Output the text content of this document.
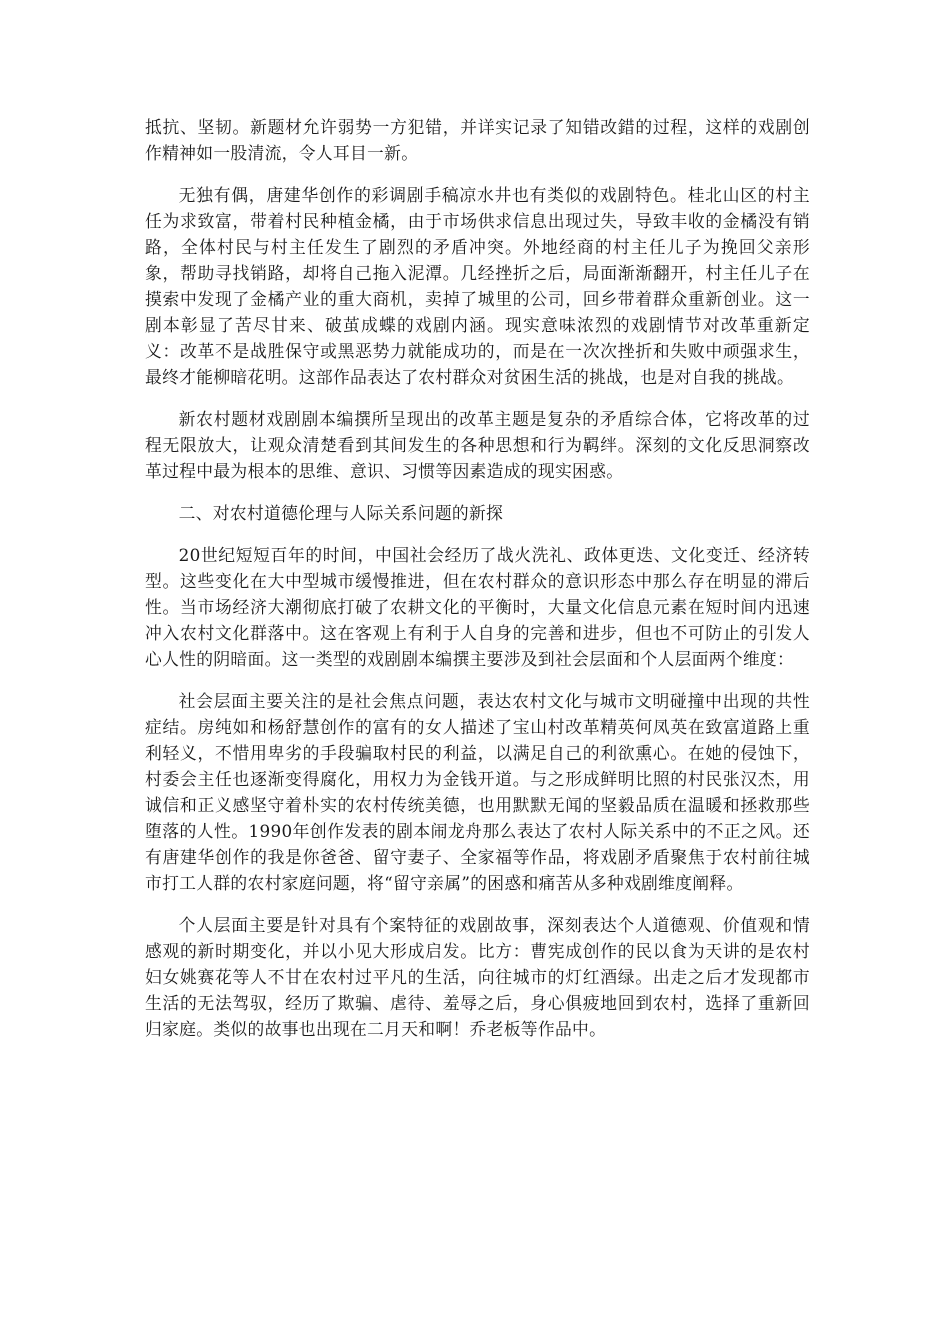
抵抗、坚韧。新题材允许弱势一方犯错，并详实记录了知错改錯的过程，这样的戏剧创作精神如一股清流，令人耳目一新。

无独有偶，唐建华创作的彩调剧手稿凉水井也有类似的戏剧特色。桂北山区的村主任为求致富，带着村民种植金橘，由于市场供求信息出现过失，导致丰收的金橘没有销路，全体村民与村主任发生了剧烈的矛盾冲突。外地经商的村主任儿子为挽回父亲形象，帮助寻找销路，却将自己拖入泥潭。几经挫折之后，局面渐渐翻开，村主任儿子在摸索中发现了金橘产业的重大商机，卖掉了城里的公司，回乡带着群众重新创业。这一剧本彰显了苦尽甘来、破茧成蝶的戏剧内涵。现实意味浓烈的戏剧情节对改革重新定义：改革不是战胜保守或黑恶势力就能成功的，而是在一次次挫折和失败中顽强求生，最终才能柳暗花明。这部作品表达了农村群众对贫困生活的挑战，也是对自我的挑战。

新农村题材戏剧剧本编撰所呈现出的改革主题是复杂的矛盾综合体，它将改革的过程无限放大，让观众清楚看到其间发生的各种思想和行为羁绊。深刻的文化反思洞察改革过程中最为根本的思维、意识、习惯等因素造成的现实困惑。

二、对农村道德伦理与人际关系问题的新探

20世纪短短百年的时间，中国社会经历了战火洗礼、政体更迭、文化变迁、经济转型。这些变化在大中型城市缓慢推进，但在农村群众的意识形态中那么存在明显的滞后性。当市场经济大潮彻底打破了农耕文化的平衡时，大量文化信息元素在短时间内迅速冲入农村文化群落中。这在客观上有利于人自身的完善和进步，但也不可防止的引发人心人性的阴暗面。这一类型的戏剧剧本编撰主要涉及到社会层面和个人层面两个维度：

社会层面主要关注的是社会焦点问题，表达农村文化与城市文明碰撞中出现的共性症结。房纯如和杨舒慧创作的富有的女人描述了宝山村改革精英何凤英在致富道路上重利轻义，不惜用卑劣的手段骗取村民的利益，以满足自己的利欲熏心。在她的侵蚀下，村委会主任也逐渐变得腐化，用权力为金钱开道。与之形成鲜明比照的村民张汉杰，用诚信和正义感坚守着朴实的农村传统美德，也用默默无闻的坚毅品质在温暖和拯救那些堕落的人性。1990年创作发表的剧本闹龙舟那么表达了农村人际关系中的不正之风。还有唐建华创作的我是你爸爸、留守妻子、全家福等作品，将戏剧矛盾聚焦于农村前往城市打工人群的农村家庭问题，将“留守亲属”的困惑和痛苦从多种戏剧维度阐释。

个人层面主要是针对具有个案特征的戏剧故事，深刻表达个人道德观、价值观和情感观的新时期变化，并以小见大形成启发。比方：曹宪成创作的民以食为天讲的是农村妇女姚赛花等人不甘在农村过平凡的生活，向往城市的灯红酒绿。出走之后才发现都市生活的无法驾驭，经历了欺骗、虐待、羞辱之后，身心俱疲地回到农村，选择了重新回归家庭。类似的故事也出现在二月天和啊！乔老板等作品中。
